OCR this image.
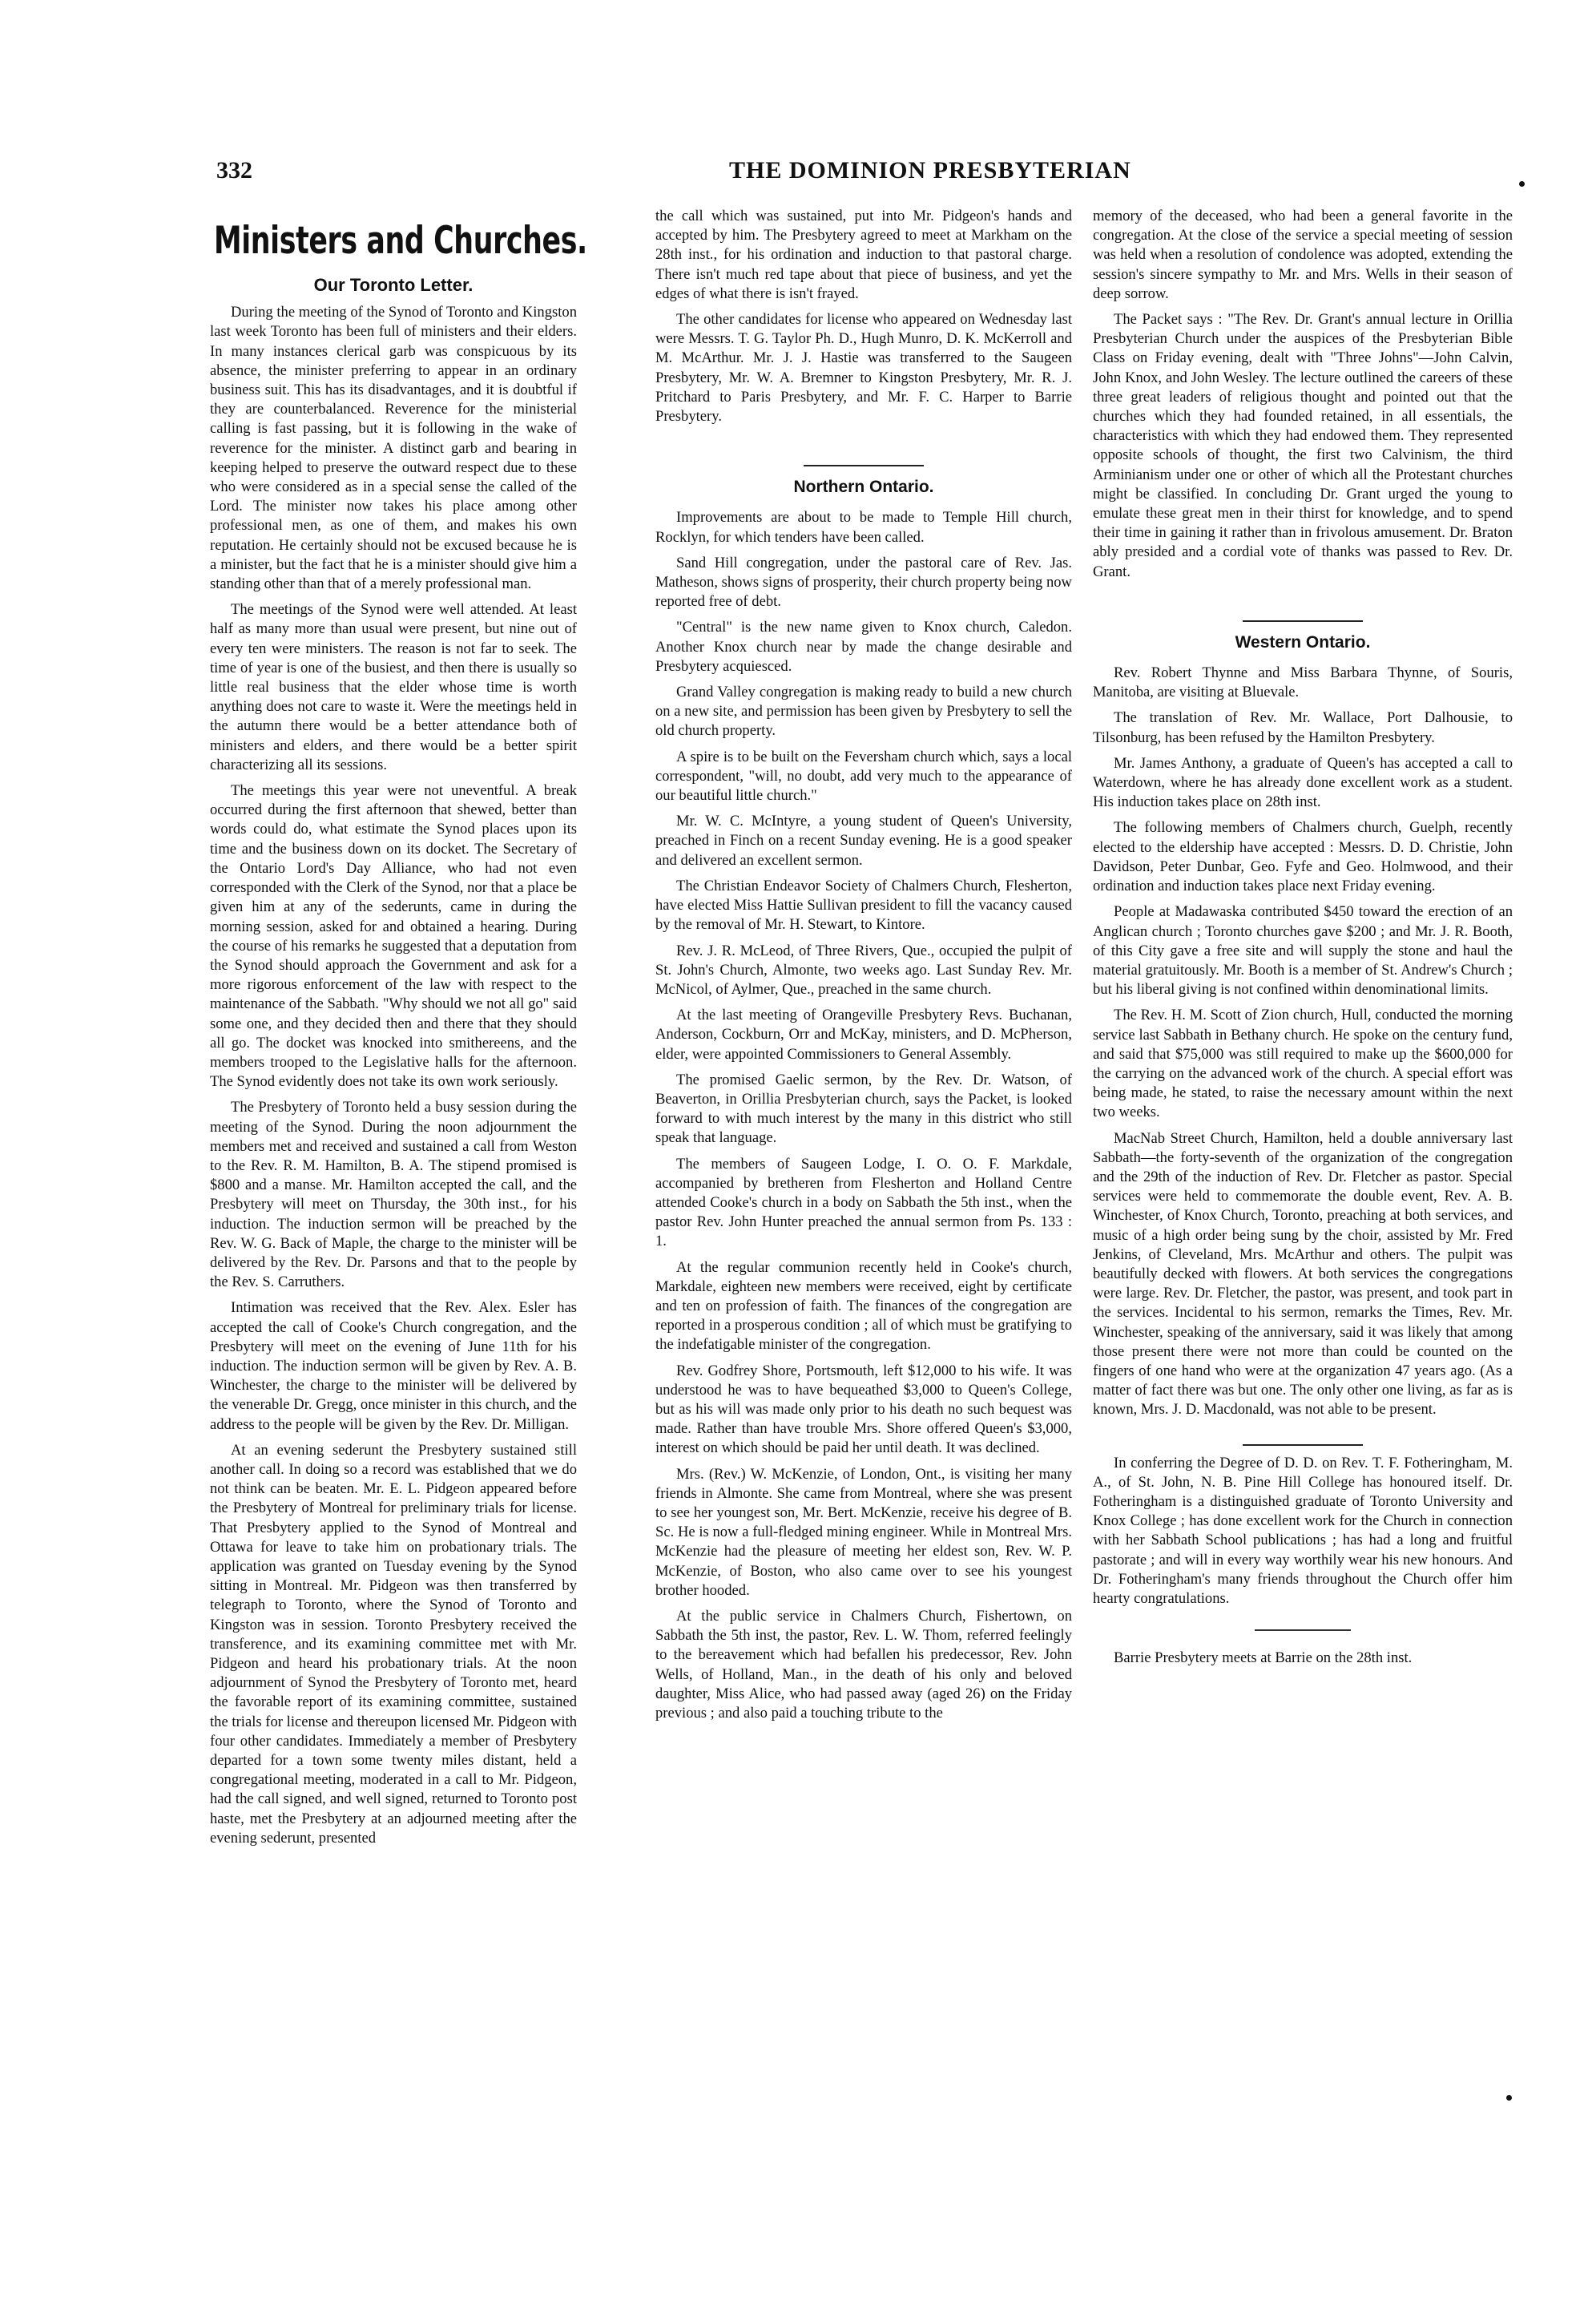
332	THE DOMINION PRESBYTERIAN
Ministers and Churches.
Our Toronto Letter.

During the meeting of the Synod of Toronto and Kingston last week Toronto has been full of ministers and their elders. In many instances clerical garb was conspicuous by its absence, the minister preferring to appear in an ordinary business suit. This has its disadvantages, and it is doubtful if they are counterbalanced. Reverence for the ministerial calling is fast passing, but it is following in the wake of reverence for the minister. A distinct garb and bearing in keeping helped to preserve the outward respect due to these who were considered as in a special sense the called of the Lord. The minister now takes his place among other professional men, as one of them, and makes his own reputation. He certainly should not be excused because he is a minister, but the fact that he is a minister should give him a standing other than that of a merely professional man.

The meetings of the Synod were well attended. At least half as many more than usual were present, but nine out of every ten were ministers. The reason is not far to seek. The time of year is one of the busiest, and then there is usually so little real business that the elder whose time is worth anything does not care to waste it. Were the meetings held in the autumn there would be a better attendance both of ministers and elders, and there would be a better spirit characterizing all its sessions.

The meetings this year were not uneventful. A break occurred during the first afternoon that shewed, better than words could do, what estimate the Synod places upon its time and the business down on its docket. The Secretary of the Ontario Lord's Day Alliance, who had not even corresponded with the Clerk of the Synod, nor that a place be given him at any of the sederunts, came in during the morning session, asked for and obtained a hearing. During the course of his remarks he suggested that a deputation from the Synod should approach the Government and ask for a more rigorous enforcement of the law with respect to the maintenance of the Sabbath. "Why should we not all go" said some one, and they decided then and there that they should all go. The docket was knocked into smithereens, and the members trooped to the Legislative halls for the afternoon. The Synod evidently does not take its own work seriously.

The Presbytery of Toronto held a busy session during the meeting of the Synod. During the noon adjournment the members met and received and sustained a call from Weston to the Rev. R. M. Hamilton, B. A. The stipend promised is $800 and a manse. Mr. Hamilton accepted the call, and the Presbytery will meet on Thursday, the 30th inst., for his induction. The induction sermon will be preached by the Rev. W. G. Back of Maple, the charge to the minister will be delivered by the Rev. Dr. Parsons and that to the people by the Rev. S. Carruthers.

Intimation was received that the Rev. Alex. Esler has accepted the call of Cooke's Church congregation, and the Presbytery will meet on the evening of June 11th for his induction. The induction sermon will be given by Rev. A. B. Winchester, the charge to the minister will be delivered by the venerable Dr. Gregg, once minister in this church, and the address to the people will be given by the Rev. Dr. Milligan.

At an evening sederunt the Presbytery sustained still another call. In doing so a record was established that we do not think can be beaten. Mr. E. L. Pidgeon appeared before the Presbytery of Montreal for preliminary trials for license. That Presbytery applied to the Synod of Montreal and Ottawa for leave to take him on probationary trials. The application was granted on Tuesday evening by the Synod sitting in Montreal. Mr. Pidgeon was then transferred by telegraph to Toronto, where the Synod of Toronto and Kingston was in session. Toronto Presbytery received the transference, and its examining committee met with Mr. Pidgeon and heard his probationary trials. At the noon adjournment of Synod the Presbytery of Toronto met, heard the favorable report of its examining committee, sustained the trials for license and thereupon licensed Mr. Pidgeon with four other candidates. Immediately a member of Presbytery departed for a town some twenty miles distant, held a congregational meeting, moderated in a call to Mr. Pidgeon, had the call signed, and well signed, returned to Toronto post haste, met the Presbytery at an adjourned meeting after the evening sederunt, presented

the call which was sustained, put into Mr. Pidgeon's hands and accepted by him. The Presbytery agreed to meet at Markham on the 28th inst., for his ordination and induction to that pastoral charge. There isn't much red tape about that piece of business, and yet the edges of what there is isn't frayed.

The other candidates for license who appeared on Wednesday last were Messrs. T. G. Taylor Ph. D., Hugh Munro, D. K. McKerroll and M. McArthur. Mr. J. J. Hastie was transferred to the Saugeen Presbytery, Mr. W. A. Bremner to Kingston Presbytery, Mr. R. J. Pritchard to Paris Presbytery, and Mr. F. C. Harper to Barrie Presbytery.

Northern Ontario.

Improvements are about to be made to Temple Hill church, Rocklyn, for which tenders have been called.

Sand Hill congregation, under the pastoral care of Rev. Jas. Matheson, shows signs of prosperity, their church property being now reported free of debt.

"Central" is the new name given to Knox church, Caledon. Another Knox church near by made the change desirable and Presbytery acquiesced.

Grand Valley congregation is making ready to build a new church on a new site, and permission has been given by Presbytery to sell the old church property.

A spire is to be built on the Feversham church which, says a local correspondent, "will, no doubt, add very much to the appearance of our beautiful little church."

Mr. W. C. McIntyre, a young student of Queen's University, preached in Finch on a recent Sunday evening. He is a good speaker and delivered an excellent sermon.

The Christian Endeavor Society of Chalmers Church, Flesherton, have elected Miss Hattie Sullivan president to fill the vacancy caused by the removal of Mr. H. Stewart, to Kintore.

Rev. J. R. McLeod, of Three Rivers, Que., occupied the pulpit of St. John's Church, Almonte, two weeks ago. Last Sunday Rev. Mr. McNicol, of Aylmer, Que., preached in the same church.

At the last meeting of Orangeville Presbytery Revs. Buchanan, Anderson, Cockburn, Orr and McKay, ministers, and D. McPherson, elder, were appointed Commissioners to General Assembly.

The promised Gaelic sermon, by the Rev. Dr. Watson, of Beaverton, in Orillia Presbyterian church, says the Packet, is looked forward to with much interest by the many in this district who still speak that language.

The members of Saugeen Lodge, I. O. O. F. Markdale, accompanied by bretheren from Flesherton and Holland Centre attended Cooke's church in a body on Sabbath the 5th inst., when the pastor Rev. John Hunter preached the annual sermon from Ps. 133 : 1.

At the regular communion recently held in Cooke's church, Markdale, eighteen new members were received, eight by certificate and ten on profession of faith. The finances of the congregation are reported in a prosperous condition ; all of which must be gratifying to the indefatigable minister of the congregation.

Rev. Godfrey Shore, Portsmouth, left $12,000 to his wife. It was understood he was to have bequeathed $3,000 to Queen's College, but as his will was made only prior to his death no such bequest was made. Rather than have trouble Mrs. Shore offered Queen's $3,000, interest on which should be paid her until death. It was declined.

Mrs. (Rev.) W. McKenzie, of London, Ont., is visiting her many friends in Almonte. She came from Montreal, where she was present to see her youngest son, Mr. Bert. McKenzie, receive his degree of B. Sc. He is now a full-fledged mining engineer. While in Montreal Mrs. McKenzie had the pleasure of meeting her eldest son, Rev. W. P. McKenzie, of Boston, who also came over to see his youngest brother hooded.

At the public service in Chalmers Church, Fishertown, on Sabbath the 5th inst, the pastor, Rev. L. W. Thom, referred feelingly to the bereavement which had befallen his predecessor, Rev. John Wells, of Holland, Man., in the death of his only and beloved daughter, Miss Alice, who had passed away (aged 26) on the Friday previous ; and also paid a touching tribute to the

memory of the deceased, who had been a general favorite in the congregation. At the close of the service a special meeting of session was held when a resolution of condolence was adopted, extending the session's sincere sympathy to Mr. and Mrs. Wells in their season of deep sorrow.

The Packet says : "The Rev. Dr. Grant's annual lecture in Orillia Presbyterian Church under the auspices of the Presbyterian Bible Class on Friday evening, dealt with "Three Johns"—John Calvin, John Knox, and John Wesley. The lecture outlined the careers of these three great leaders of religious thought and pointed out that the churches which they had founded retained, in all essentials, the characteristics with which they had endowed them. They represented opposite schools of thought, the first two Calvinism, the third Arminianism under one or other of which all the Protestant churches might be classified. In concluding Dr. Grant urged the young to emulate these great men in their thirst for knowledge, and to spend their time in gaining it rather than in frivolous amusement. Dr. Braton ably presided and a cordial vote of thanks was passed to Rev. Dr. Grant.

Western Ontario.

Rev. Robert Thynne and Miss Barbara Thynne, of Souris, Manitoba, are visiting at Bluevale.

The translation of Rev. Mr. Wallace, Port Dalhousie, to Tilsonburg, has been refused by the Hamilton Presbytery.

Mr. James Anthony, a graduate of Queen's has accepted a call to Waterdown, where he has already done excellent work as a student. His induction takes place on 28th inst.

The following members of Chalmers church, Guelph, recently elected to the eldership have accepted : Messrs. D. D. Christie, John Davidson, Peter Dunbar, Geo. Fyfe and Geo. Holmwood, and their ordination and induction takes place next Friday evening.

People at Madawaska contributed $450 toward the erection of an Anglican church ; Toronto churches gave $200 ; and Mr. J. R. Booth, of this City gave a free site and will supply the stone and haul the material gratuitously. Mr. Booth is a member of St. Andrew's Church ; but his liberal giving is not confined within denominational limits.

The Rev. H. M. Scott of Zion church, Hull, conducted the morning service last Sabbath in Bethany church. He spoke on the century fund, and said that $75,000 was still required to make up the $600,000 for the carrying on the advanced work of the church. A special effort was being made, he stated, to raise the necessary amount within the next two weeks.

MacNab Street Church, Hamilton, held a double anniversary last Sabbath—the forty-seventh of the organization of the congregation and the 29th of the induction of Rev. Dr. Fletcher as pastor. Special services were held to commemorate the double event, Rev. A. B. Winchester, of Knox Church, Toronto, preaching at both services, and music of a high order being sung by the choir, assisted by Mr. Fred Jenkins, of Cleveland, Mrs. McArthur and others. The pulpit was beautifully decked with flowers. At both services the congregations were large. Rev. Dr. Fletcher, the pastor, was present, and took part in the services. Incidental to his sermon, remarks the Times, Rev. Mr. Winchester, speaking of the anniversary, said it was likely that among those present there were not more than could be counted on the fingers of one hand who were at the organization 47 years ago. (As a matter of fact there was but one. The only other one living, as far as is known, Mrs. J. D. Macdonald, was not able to be present.

In conferring the Degree of D. D. on Rev. T. F. Fotheringham, M. A., of St. John, N. B. Pine Hill College has honoured itself. Dr. Fotheringham is a distinguished graduate of Toronto University and Knox College ; has done excellent work for the Church in connection with her Sabbath School publications ; has had a long and fruitful pastorate ; and will in every way worthily wear his new honours. And Dr. Fotheringham's many friends throughout the Church offer him hearty congratulations.

Barrie Presbytery meets at Barrie on the 28th inst.
